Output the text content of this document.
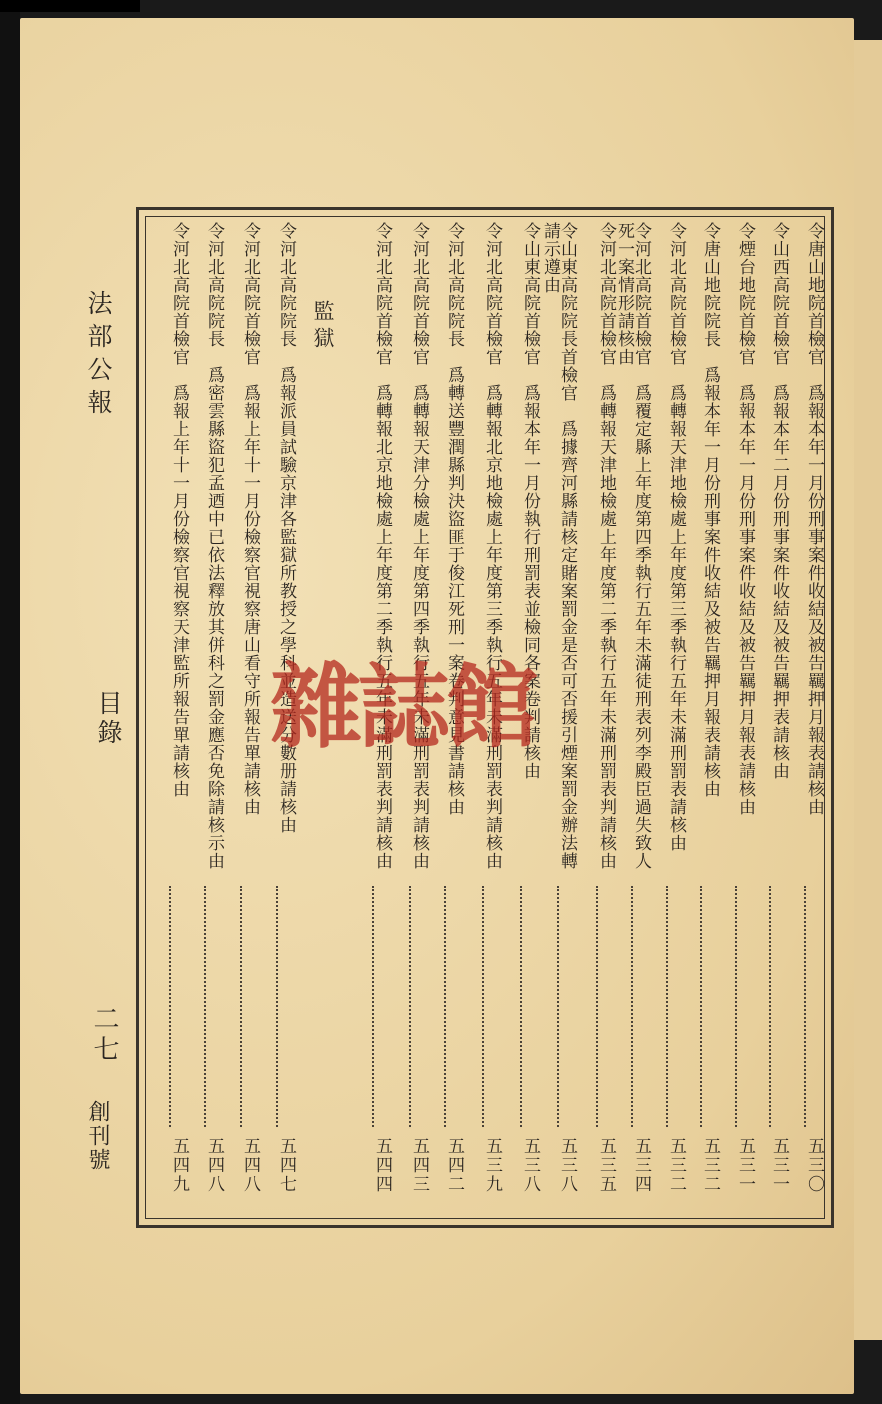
法部公報
目錄
二七
創刊號
監獄	令唐山地院首檢官　爲報本年一月份刑事案件收結及被告羈押月報表請核由
五三〇
令山西高院首檢官　爲報本年二月份刑事案件收結及被告羈押表請核由
五三一
令煙台地院首檢官　爲報本年一月份刑事案件收結及被告羈押月報表請核由
五三一
令唐山地院院長　爲報本年一月份刑事案件收結及被告羈押月報表請核由
五三二
令河北高院首檢官　爲轉報天津地檢處上年度第三季執行五年未滿刑罰表請核由
五三二
令河北高院首檢官　爲覆定縣上年度第四季執行五年未滿徒刑表列李殿臣過失致人死一案情形請核由
五三四
令河北高院首檢官　爲轉報天津地檢處上年度第二季執行五年未滿刑罰表判請核由
五三五
令山東高院院長首檢官　爲據齊河縣請核定賭案罰金是否可否援引煙案罰金辦法轉請示遵由
五三八
令山東高院首檢官　爲報本年一月份執行刑罰表並檢同各案卷判請核由
五三八
令河北高院首檢官　爲轉報北京地檢處上年度第三季執行五年未滿刑罰表判請核由
五三九
令河北高院院長　爲轉送豐潤縣判決盜匪于俊江死刑一案卷判意見書請核由
五四二
令河北高院首檢官　爲轉報天津分檢處上年度第四季執行五年未滿刑罰表判請核由
五四三
令河北高院首檢官　爲轉報北京地檢處上年度第二季執行五年未滿刑罰表判請核由
五四四
令河北高院院長　爲報派員試驗京津各監獄所教授之學科並造送分數册請核由
五四七
令河北高院首檢官　爲報上年十一月份檢察官視察唐山看守所報告單請核由
五四八
令河北高院院長　爲密雲縣盜犯孟迺中已依法釋放其併科之罰金應否免除請核示由
五四八
令河北高院首檢官　爲報上年十一月份檢察官視察天津監所報告單請核由
五四九
雜誌館
